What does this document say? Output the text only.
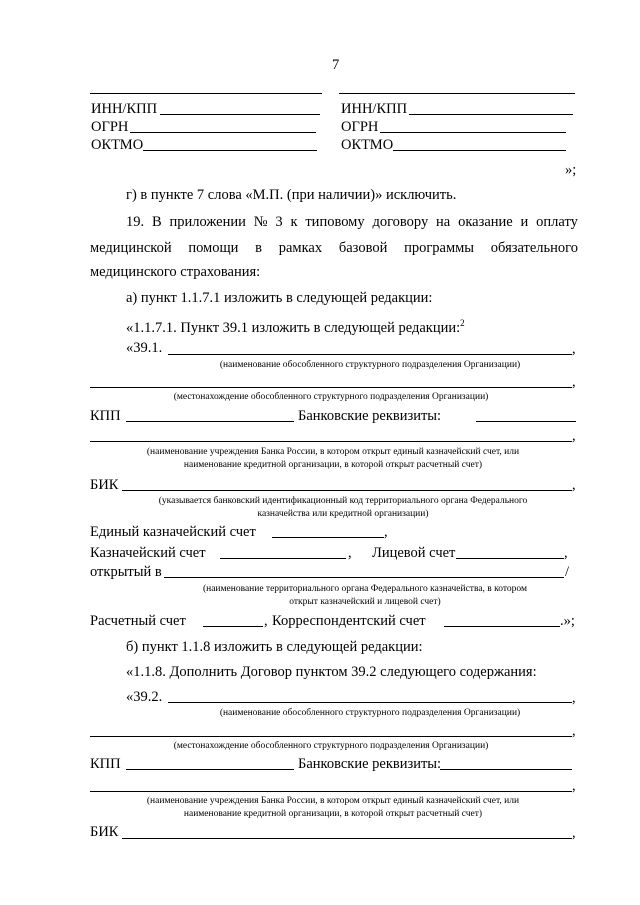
7
ИНН/КПП
ОГРН
ОКТМО
ИНН/КПП
ОГРН
ОКТМО
»;
г) в пункте 7 слова «М.П. (при наличии)» исключить.
19. В приложении № 3 к типовому договору на оказание и оплату
медицинской помощи в рамках базовой программы обязательного
медицинского страхования:
а) пункт 1.1.7.1 изложить в следующей редакции:
«1.1.7.1. Пункт 39.1 изложить в следующей редакции:$^2$
«39.1.	,
(наименование обособленного структурного подразделения Организации)
,
(местонахождение обособленного структурного подразделения Организации)
КПП	Банковские реквизиты:
,
(наименование учреждения Банка России, в котором открыт единый казначейский счет, или
наименование кредитной организации, в которой открыт расчетный счет)
БИК	,
(указывается банковский идентификационный код территориального органа Федерального
казначейства или кредитной организации)
Единый казначейский счет	,
Казначейский счет	, Лицевой счет	,
открытый в	/
(наименование территориального органа Федерального казначейства, в котором
открыт казначейский и лицевой счет)
Расчетный счет	, Корреспондентский счет	.»;
б) пункт 1.1.8 изложить в следующей редакции:
«1.1.8. Дополнить Договор пунктом 39.2 следующего содержания:
«39.2.	,
(наименование обособленного структурного подразделения Организации)
,
(местонахождение обособленного структурного подразделения Организации)
КПП	Банковские реквизиты:
,
(наименование учреждения Банка России, в котором открыт единый казначейский счет, или
наименование кредитной организации, в которой открыт расчетный счет)
БИК	,
